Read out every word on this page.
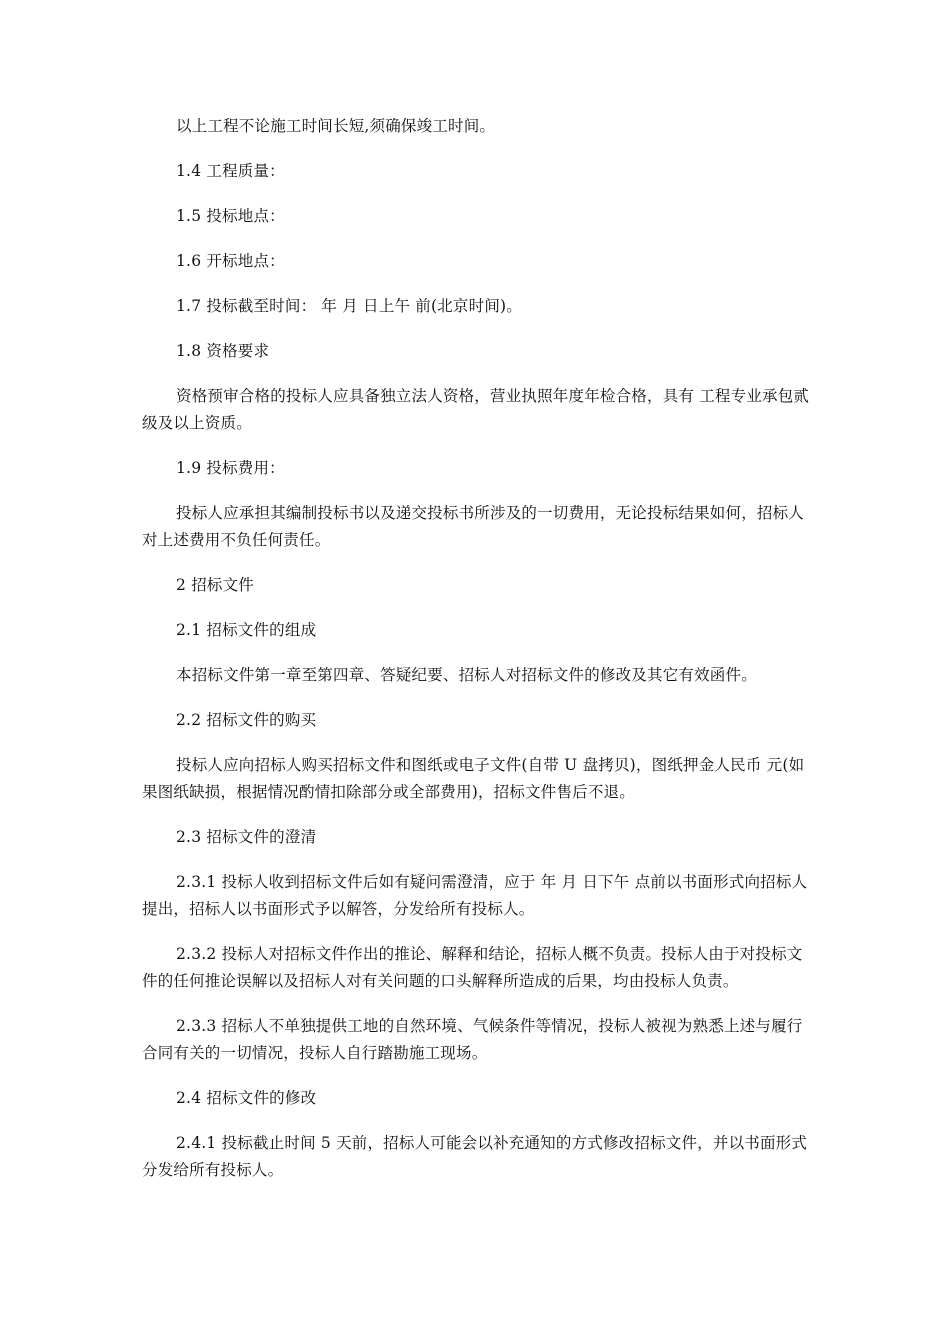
以上工程不论施工时间长短,须确保竣工时间。

1.4 工程质量：

1.5 投标地点：

1.6 开标地点：

1.7 投标截至时间： 年 月 日上午 前(北京时间)。

1.8 资格要求

资格预审合格的投标人应具备独立法人资格，营业执照年度年检合格，具有 工程专业承包贰级及以上资质。

1.9 投标费用：

投标人应承担其编制投标书以及递交投标书所涉及的一切费用，无论投标结果如何，招标人对上述费用不负任何责任。

2 招标文件

2.1 招标文件的组成

本招标文件第一章至第四章、答疑纪要、招标人对招标文件的修改及其它有效函件。

2.2 招标文件的购买

投标人应向招标人购买招标文件和图纸或电子文件(自带 U 盘拷贝)，图纸押金人民币 元(如果图纸缺损，根据情况酌情扣除部分或全部费用)，招标文件售后不退。

2.3 招标文件的澄清

2.3.1 投标人收到招标文件后如有疑问需澄清，应于 年 月 日下午 点前以书面形式向招标人提出，招标人以书面形式予以解答，分发给所有投标人。

2.3.2 投标人对招标文件作出的推论、解释和结论，招标人概不负责。投标人由于对投标文件的任何推论误解以及招标人对有关问题的口头解释所造成的后果，均由投标人负责。

2.3.3 招标人不单独提供工地的自然环境、气候条件等情况，投标人被视为熟悉上述与履行合同有关的一切情况，投标人自行踏勘施工现场。

2.4 招标文件的修改

2.4.1 投标截止时间 5 天前，招标人可能会以补充通知的方式修改招标文件，并以书面形式分发给所有投标人。
